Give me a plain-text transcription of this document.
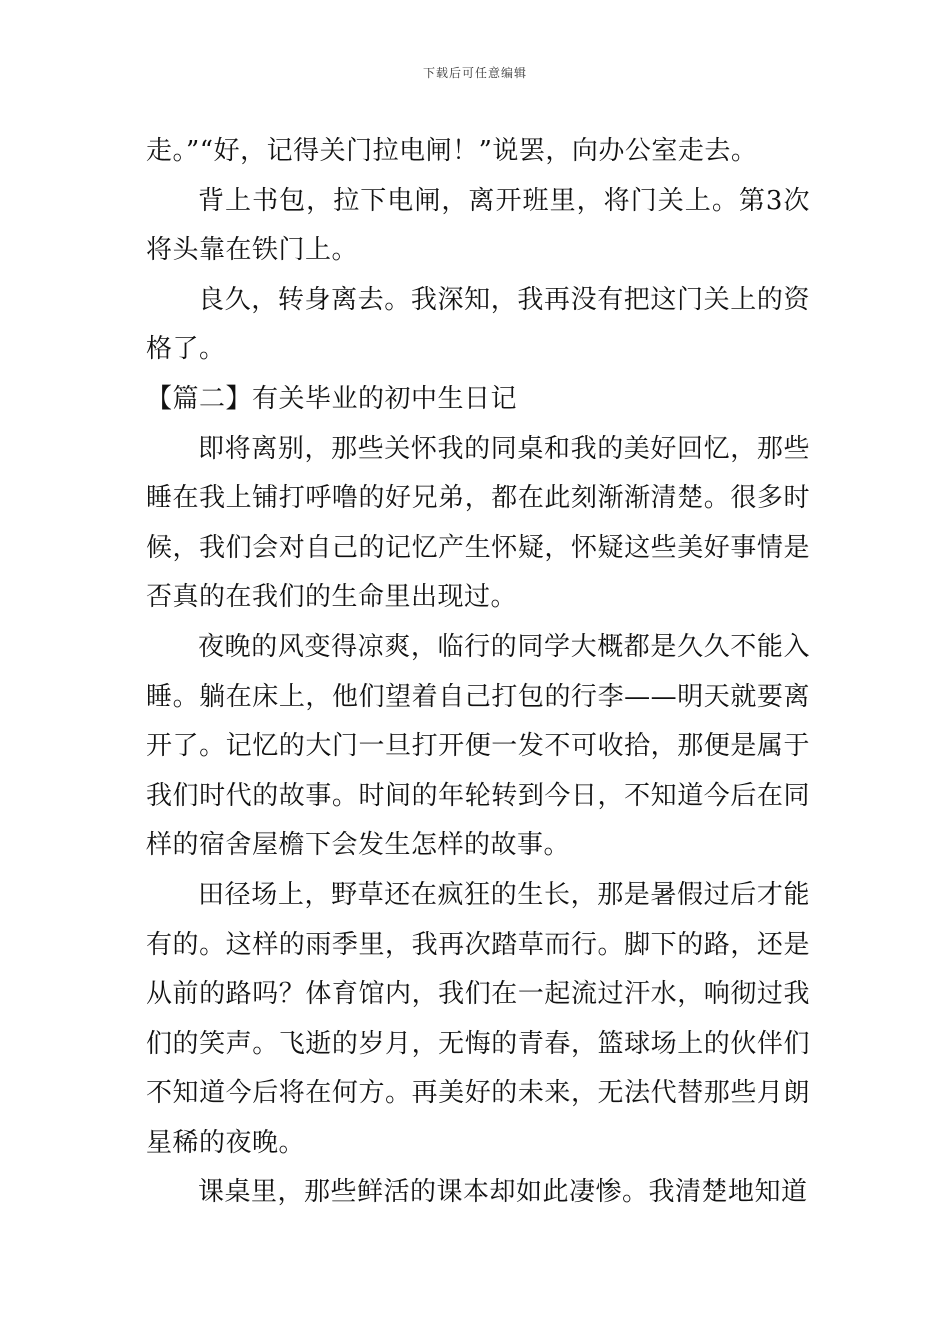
下载后可任意编辑

走。”“好，记得关门拉电闸！”说罢，向办公室走去。

背上书包，拉下电闸，离开班里，将门关上。第3次将头靠在铁门上。

良久，转身离去。我深知，我再没有把这门关上的资格了。

【篇二】有关毕业的初中生日记

即将离别，那些关怀我的同桌和我的美好回忆，那些睡在我上铺打呼噜的好兄弟，都在此刻渐渐清楚。很多时候，我们会对自己的记忆产生怀疑，怀疑这些美好事情是否真的在我们的生命里出现过。

夜晚的风变得凉爽，临行的同学大概都是久久不能入睡。躺在床上，他们望着自己打包的行李——明天就要离开了。记忆的大门一旦打开便一发不可收拾，那便是属于我们时代的故事。时间的年轮转到今日，不知道今后在同样的宿舍屋檐下会发生怎样的故事。

田径场上，野草还在疯狂的生长，那是暑假过后才能有的。这样的雨季里，我再次踏草而行。脚下的路，还是从前的路吗？体育馆内，我们在一起流过汗水，响彻过我们的笑声。飞逝的岁月，无悔的青春，篮球场上的伙伴们不知道今后将在何方。再美好的未来，无法代替那些月朗星稀的夜晚。

课桌里，那些鲜活的课本却如此凄惨。我清楚地知道
